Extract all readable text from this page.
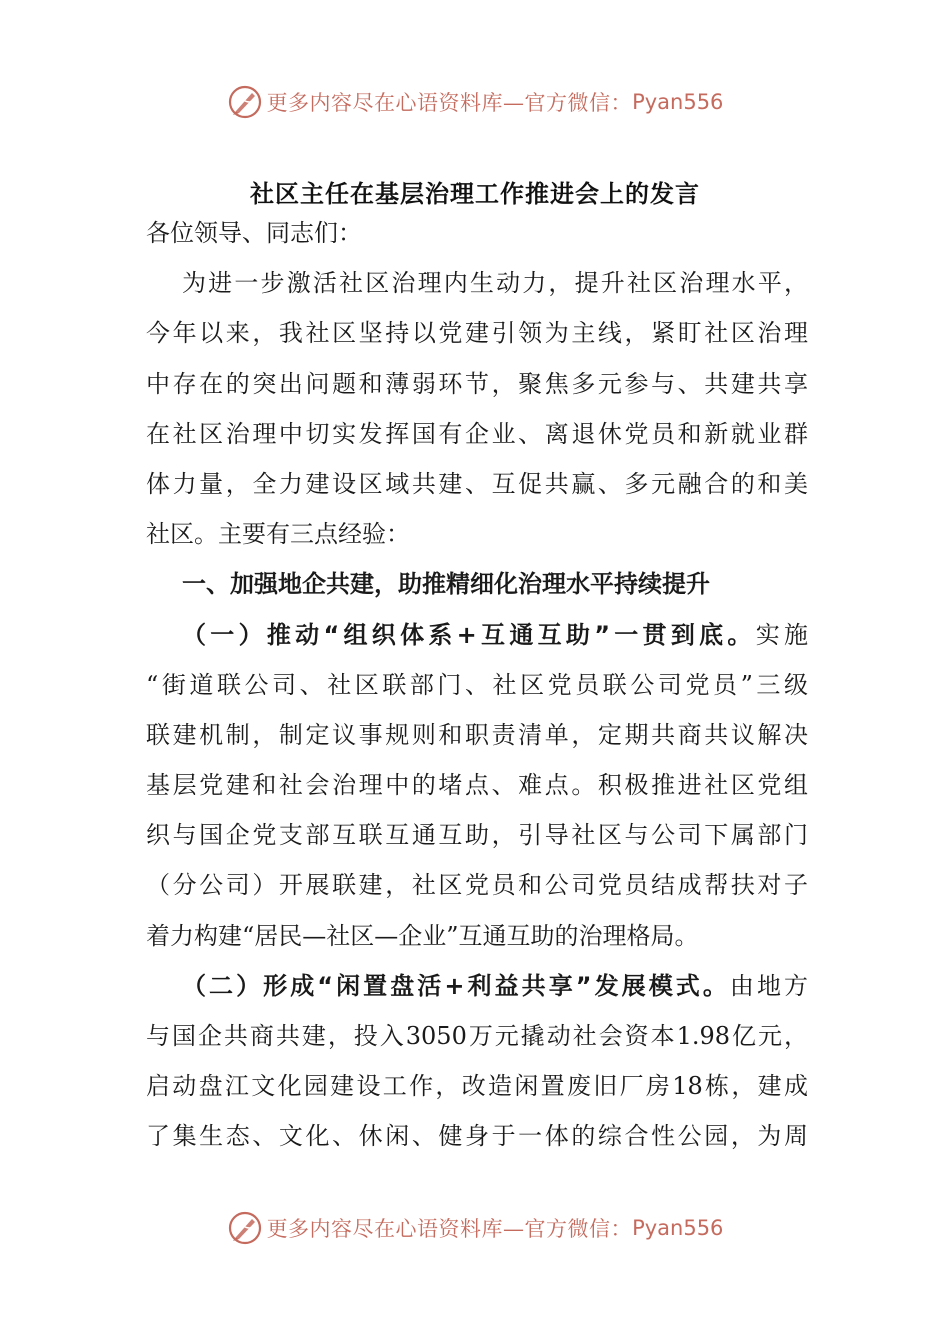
更多内容尽在心语资料库—官方微信： Pyan556
社区主任在基层治理工作推进会上的发言
各位领导、同志们：
为进一步激活社区治理内生动力，提升社区治理水平，
今年以来，我社区坚持以党建引领为主线，紧盯社区治理
中存在的突出问题和薄弱环节，聚焦多元参与、共建共享
在社区治理中切实发挥国有企业、离退休党员和新就业群
体力量，全力建设区域共建、互促共赢、多元融合的和美
社区。主要有三点经验：
一、加强地企共建，助推精细化治理水平持续提升
（一）推动“组织体系+互通互助”一贯到底。实施
“街道联公司、社区联部门、社区党员联公司党员”三级
联建机制，制定议事规则和职责清单，定期共商共议解决
基层党建和社会治理中的堵点、难点。积极推进社区党组
织与国企党支部互联互通互助，引导社区与公司下属部门
（分公司）开展联建，社区党员和公司党员结成帮扶对子
着力构建“居民—社区—企业”互通互助的治理格局。
（二）形成“闲置盘活+利益共享”发展模式。由地方
与国企共商共建，投入3050万元撬动社会资本1.98亿元，
启动盘江文化园建设工作，改造闲置废旧厂房18栋，建成
了集生态、文化、休闲、健身于一体的综合性公园，为周
更多内容尽在心语资料库—官方微信： Pyan556
